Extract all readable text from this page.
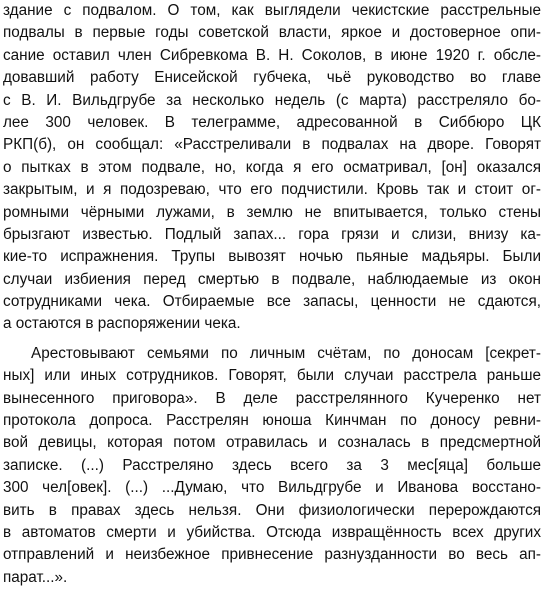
здание с подвалом. О том, как выглядели чекистские расстрельные
подвалы в первые годы советской власти, яркое и достоверное опи-
сание оставил член Сибревкома В. Н. Соколов, в июне 1920 г. обсле-
довавший работу Енисейской губчека, чьё руководство во главе
с В. И. Вильдгрубе за несколько недель (с марта) расстреляло бо-
лее 300 человек. В телеграмме, адресованной в Сиббюро ЦК
РКП(б), он сообщал: «Расстреливали в подвалах на дворе. Говорят
о пытках в этом подвале, но, когда я его осматривал, [он] оказался
закрытым, и я подозреваю, что его подчистили. Кровь так и стоит ог-
ромными чёрными лужами, в землю не впитывается, только стены
брызгают известью. Подлый запах... гора грязи и слизи, внизу ка-
кие-то испражнения. Трупы вывозят ночью пьяные мадьяры. Были
случаи избиения перед смертью в подвале, наблюдаемые из окон
сотрудниками чека. Отбираемые все запасы, ценности не сдаются,
а остаются в распоряжении чека.
Арестовывают семьями по личным счётам, по доносам [секрет-
ных] или иных сотрудников. Говорят, были случаи расстрела раньше
вынесенного приговора». В деле расстрелянного Кучеренко нет
протокола допроса. Расстрелян юноша Кинчман по доносу ревни-
вой девицы, которая потом отравилась и созналась в предсмертной
записке. (...) Расстреляно здесь всего за 3 мес[яца] больше
300 чел[овек]. (...) ...Думаю, что Вильдгрубе и Иванова восстано-
вить в правах здесь нельзя. Они физиологически перерождаются
в автоматов смерти и убийства. Отсюда извращённость всех других
отправлений и неизбежное привнесение разнузданности во весь ап-
парат...».
